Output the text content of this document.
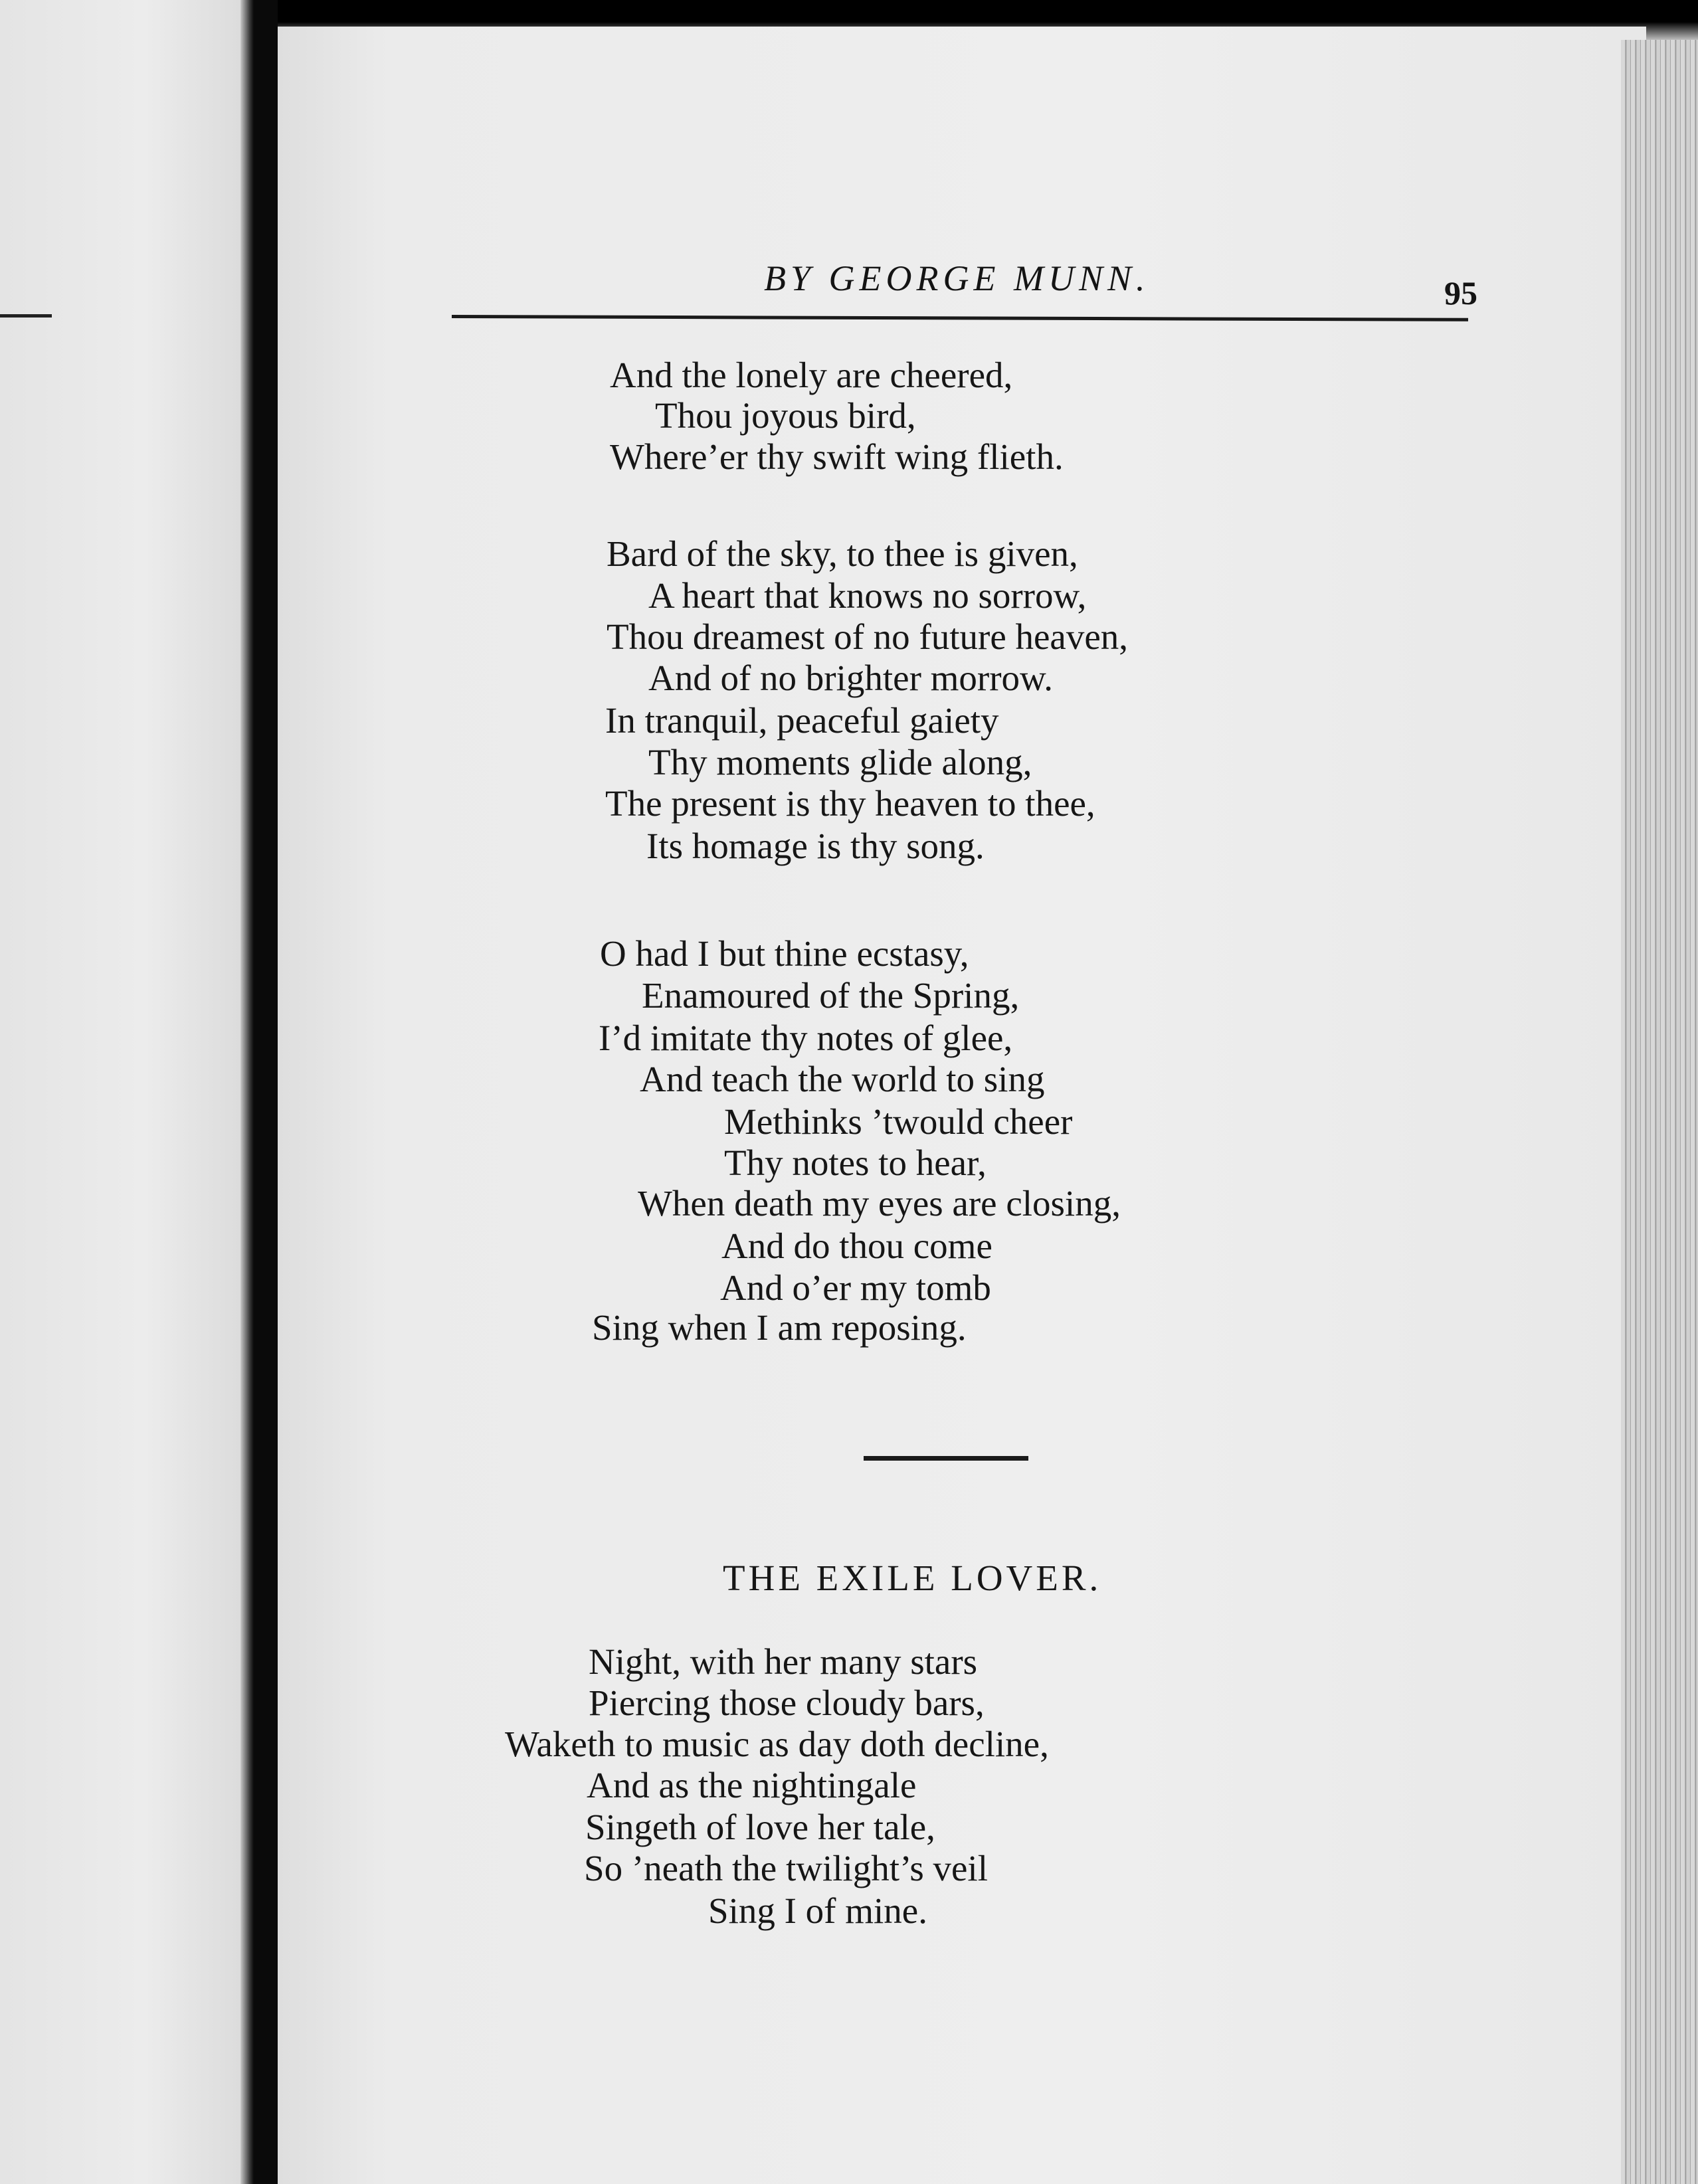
BY GEORGE MUNN.	95
And the lonely are cheered,
Thou joyous bird,
Where’er thy swift wing flieth.
Bard of the sky, to thee is given,
A heart that knows no sorrow,
Thou dreamest of no future heaven,
And of no brighter morrow.
In tranquil, peaceful gaiety
Thy moments glide along,
The present is thy heaven to thee,
Its homage is thy song.
O had I but thine ecstasy,
Enamoured of the Spring,
I’d imitate thy notes of glee,
And teach the world to sing
Methinks ’twould cheer
Thy notes to hear,
When death my eyes are closing,
And do thou come
And o’er my tomb
Sing when I am reposing.
THE EXILE LOVER.
Night, with her many stars
Piercing those cloudy bars,
Waketh to music as day doth decline,
And as the nightingale
Singeth of love her tale,
So ’neath the twilight’s veil
Sing I of mine.
